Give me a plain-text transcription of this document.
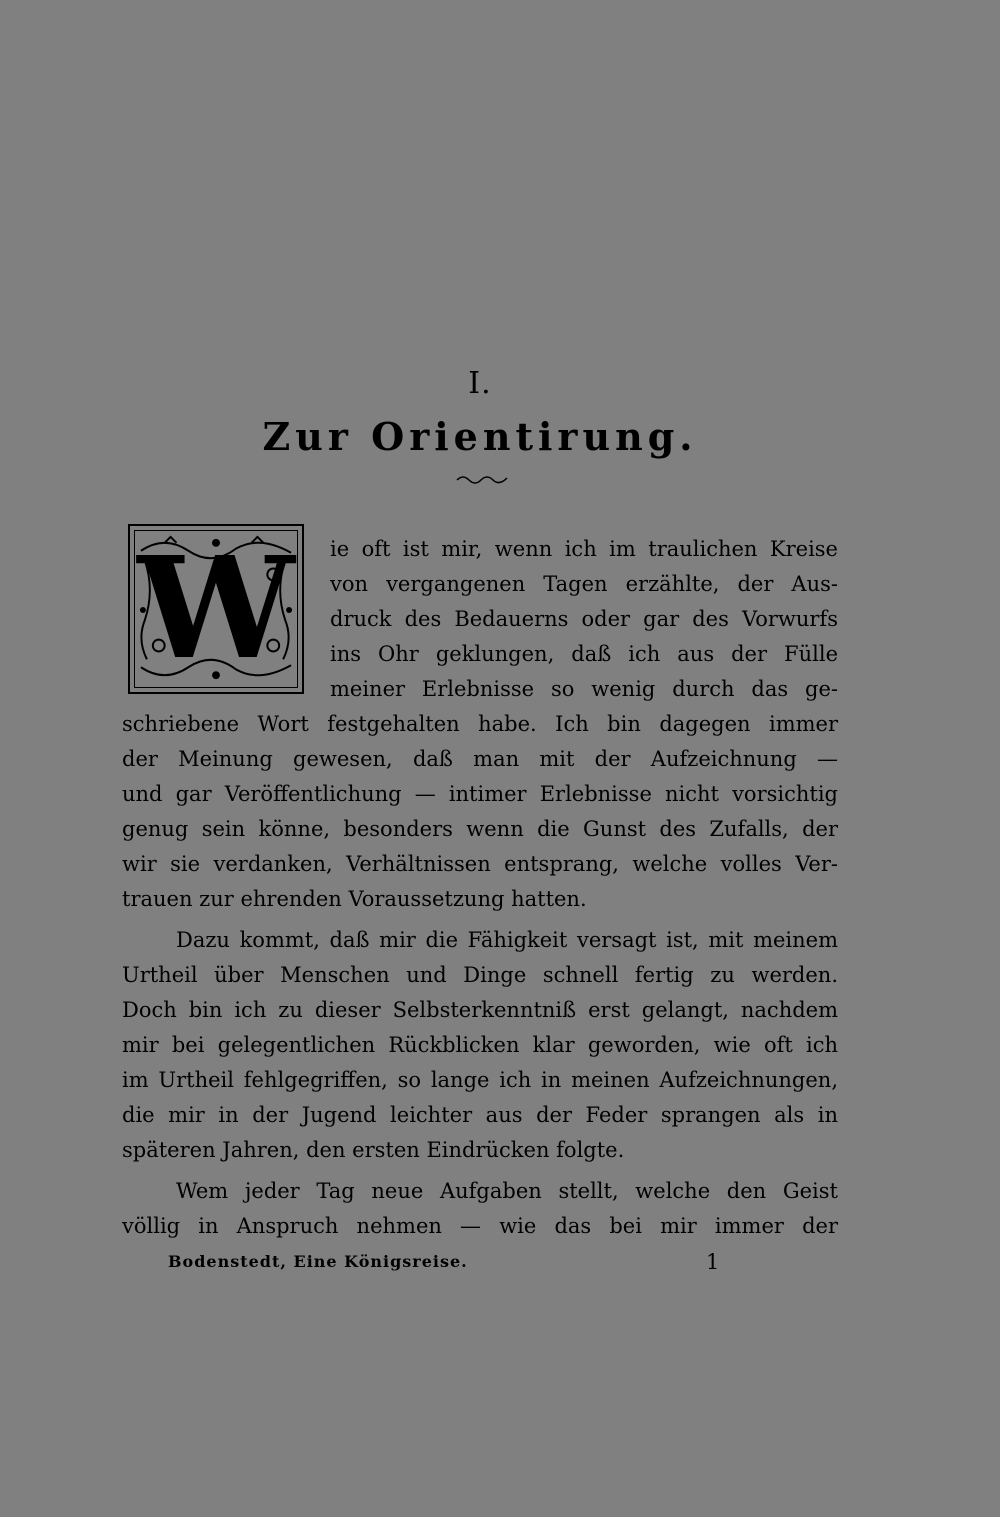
I.
Zur Orientirung.
W ie oft ist mir, wenn ich im traulichen Kreise
von vergangenen Tagen erzählte, der Aus-
druck des Bedauerns oder gar des Vorwurfs
ins Ohr geklungen, daß ich aus der Fülle
meiner Erlebnisse so wenig durch das ge-
schriebene Wort festgehalten habe. Ich bin dagegen immer
der Meinung gewesen, daß man mit der Aufzeichnung —
und gar Veröffentlichung — intimer Erlebnisse nicht vorsichtig
genug sein könne, besonders wenn die Gunst des Zufalls, der
wir sie verdanken, Verhältnissen entsprang, welche volles Ver-
trauen zur ehrenden Voraussetzung hatten.
Dazu kommt, daß mir die Fähigkeit versagt ist, mit meinem
Urtheil über Menschen und Dinge schnell fertig zu werden.
Doch bin ich zu dieser Selbsterkenntniß erst gelangt, nachdem
mir bei gelegentlichen Rückblicken klar geworden, wie oft ich
im Urtheil fehlgegriffen, so lange ich in meinen Aufzeichnungen,
die mir in der Jugend leichter aus der Feder sprangen als in
späteren Jahren, den ersten Eindrücken folgte.
Wem jeder Tag neue Aufgaben stellt, welche den Geist
völlig in Anspruch nehmen — wie das bei mir immer der
Bodenstedt, Eine Königsreise.	1
